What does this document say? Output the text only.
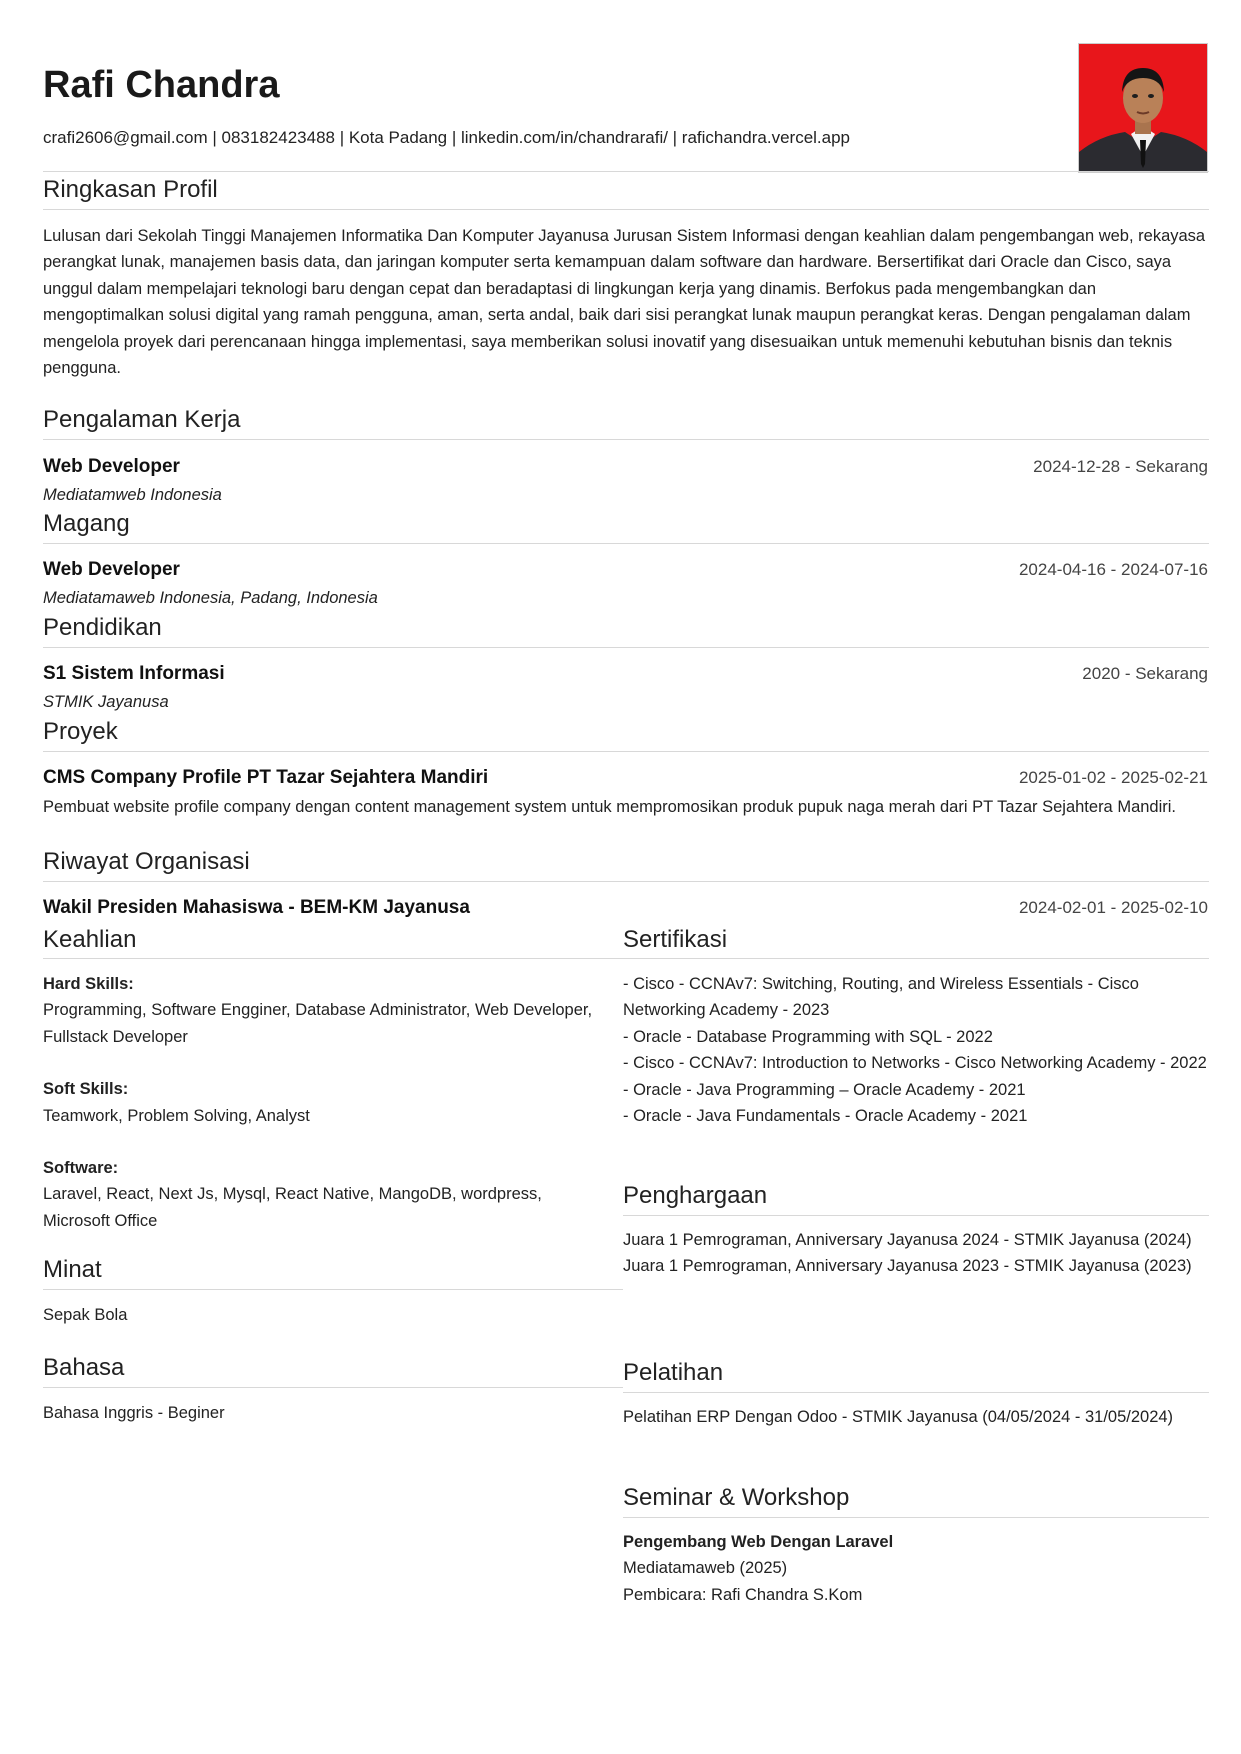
Rafi Chandra
crafi2606@gmail.com | 083182423488 | Kota Padang | linkedin.com/in/chandrarafi/ | rafichandra.vercel.app
Ringkasan Profil

Lulusan dari Sekolah Tinggi Manajemen Informatika Dan Komputer Jayanusa Jurusan Sistem Informasi dengan keahlian dalam pengembangan web, rekayasa perangkat lunak, manajemen basis data, dan jaringan komputer serta kemampuan dalam software dan hardware. Bersertifikat dari Oracle dan Cisco, saya unggul dalam mempelajari teknologi baru dengan cepat dan beradaptasi di lingkungan kerja yang dinamis. Berfokus pada mengembangkan dan mengoptimalkan solusi digital yang ramah pengguna, aman, serta andal, baik dari sisi perangkat lunak maupun perangkat keras. Dengan pengalaman dalam mengelola proyek dari perencanaan hingga implementasi, saya memberikan solusi inovatif yang disesuaikan untuk memenuhi kebutuhan bisnis dan teknis pengguna.

Pengalaman Kerja
Web Developer	2024-12-28 - Sekarang
Mediatamweb Indonesia
Magang
Web Developer	2024-04-16 - 2024-07-16
Mediatamaweb Indonesia, Padang, Indonesia
Pendidikan
S1 Sistem Informasi	2020 - Sekarang
STMIK Jayanusa
Proyek
CMS Company Profile PT Tazar Sejahtera Mandiri	2025-01-02 - 2025-02-21

Pembuat website profile company dengan content management system untuk mempromosikan produk pupuk naga merah dari PT Tazar Sejahtera Mandiri.

Riwayat Organisasi
Wakil Presiden Mahasiswa - BEM-KM Jayanusa	2024-02-01 - 2025-02-10
Keahlian
Hard Skills:
Programming, Software Engginer, Database Administrator, Web Developer, Fullstack Developer
Soft Skills:
Teamwork, Problem Solving, Analyst
Software:
Laravel, React, Next Js, Mysql, React Native, MangoDB, wordpress, Microsoft Office
Minat
Sepak Bola
Bahasa
Bahasa Inggris - Beginer
Sertifikasi
- Cisco - CCNAv7: Switching, Routing, and Wireless Essentials - Cisco Networking Academy - 2023
- Oracle - Database Programming with SQL - 2022
- Cisco - CCNAv7: Introduction to Networks - Cisco Networking Academy - 2022
- Oracle - Java Programming – Oracle Academy - 2021
- Oracle - Java Fundamentals - Oracle Academy - 2021
Penghargaan
Juara 1 Pemrograman, Anniversary Jayanusa 2024 - STMIK Jayanusa (2024)
Juara 1 Pemrograman, Anniversary Jayanusa 2023 - STMIK Jayanusa (2023)
Pelatihan
Pelatihan ERP Dengan Odoo - STMIK Jayanusa (04/05/2024 - 31/05/2024)
Seminar & Workshop
Pengembang Web Dengan Laravel
Mediatamaweb (2025)
Pembicara: Rafi Chandra S.Kom
